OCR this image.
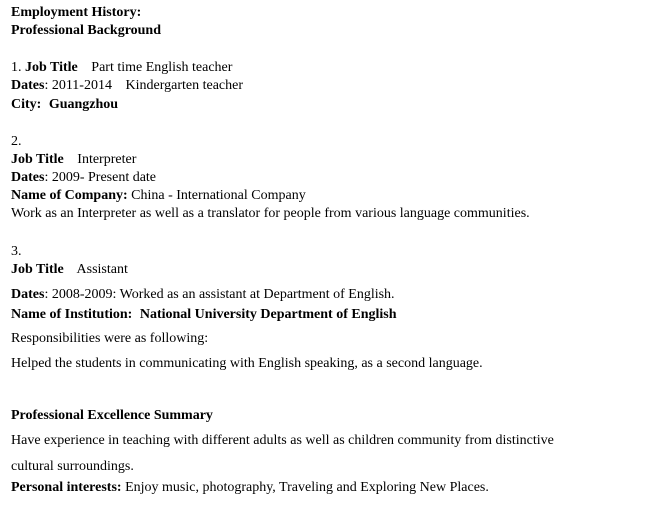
Employment History:
Professional Background
1. Job Title Part time English teacher
Dates: 2011-2014 Kindergarten teacher
City: Guangzhou
2.
Job Title Interpreter
Dates: 2009- Present date
Name of Company: China - International Company
Work as an Interpreter as well as a translator for people from various language communities.
3.
Job Title Assistant
Dates: 2008-2009: Worked as an assistant at Department of English.
Name of Institution: National University Department of English
Responsibilities were as following:
Helped the students in communicating with English speaking, as a second language.
Professional Excellence Summary
Have experience in teaching with different adults as well as children community from distinctive
cultural surroundings.
Personal interests: Enjoy music, photography, Traveling and Exploring New Places.
